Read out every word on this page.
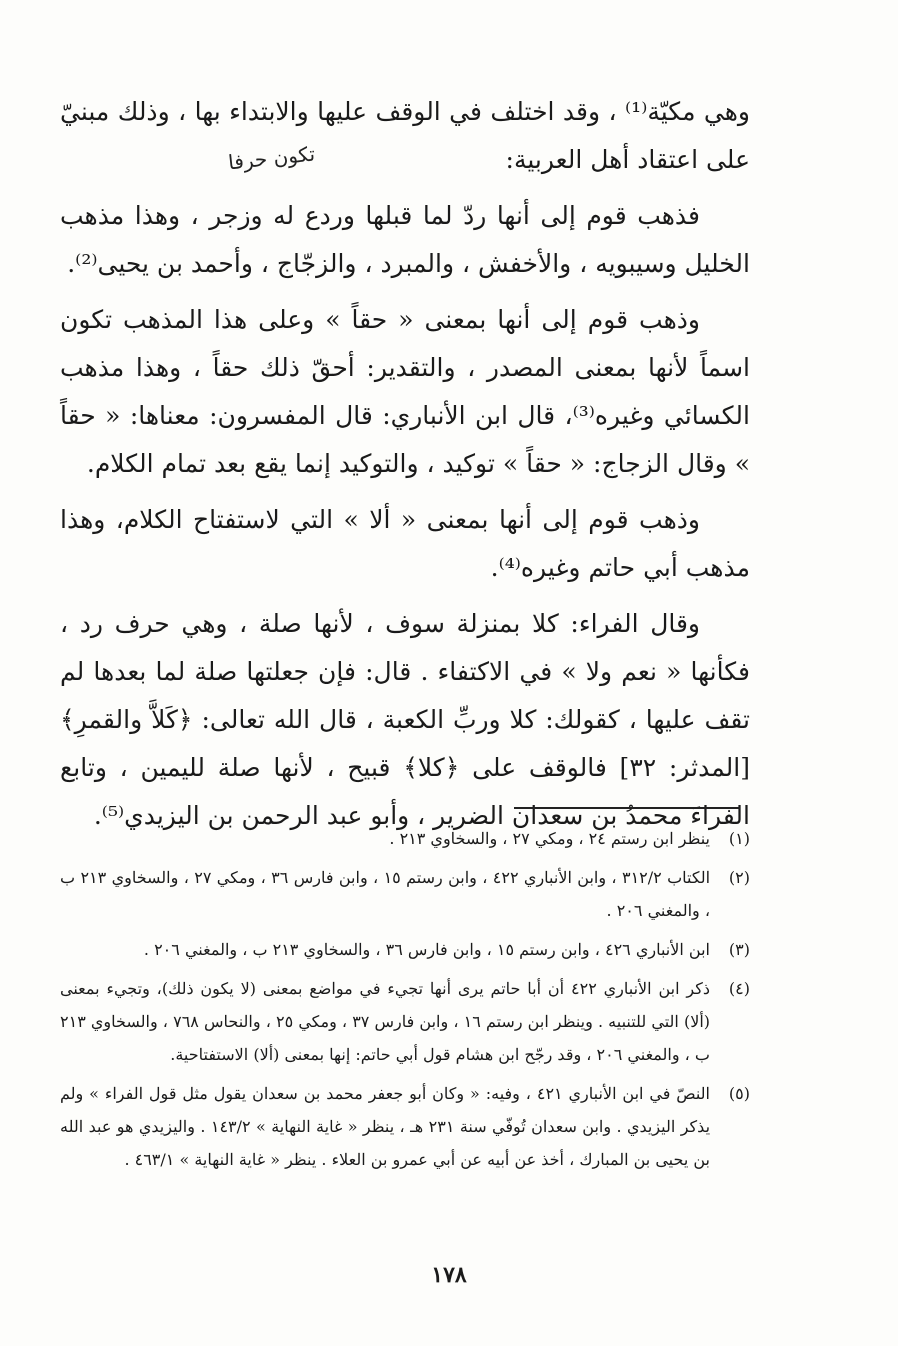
تكون حرفا

وهي مكيّة⁽¹⁾ ، وقد اختلف في الوقف عليها والابتداء بها ، وذلك مبنيّ على اعتقاد أهل العربية:

فذهب قوم إلى أنها ردّ لما قبلها وردع له وزجر ، وهذا مذهب الخليل وسيبويه ، والأخفش ، والمبرد ، والزجّاج ، وأحمد بن يحيى⁽²⁾.

وذهب قوم إلى أنها بمعنى « حقاً » وعلى هذا المذهب تكون اسماً لأنها بمعنى المصدر ، والتقدير: أحقّ ذلك حقاً ، وهذا مذهب الكسائي وغيره⁽³⁾، قال ابن الأنباري: قال المفسرون: معناها: « حقاً » وقال الزجاج: « حقاً » توكيد ، والتوكيد إنما يقع بعد تمام الكلام.

وذهب قوم إلى أنها بمعنى « ألا » التي لاستفتاح الكلام، وهذا مذهب أبي حاتم وغيره⁽⁴⁾.

وقال الفراء: كلا بمنزلة سوف ، لأنها صلة ، وهي حرف رد ، فكأنها « نعم ولا » في الاكتفاء . قال: فإن جعلتها صلة لما بعدها لم تقف عليها ، كقولك: كلا وربِّ الكعبة ، قال الله تعالى: ﴿كَلاَّ والقمرِ﴾ [المدثر: ٣٢] فالوقف على ﴿كلا﴾ قبيح ، لأنها صلة لليمين ، وتابع الفراءَ محمدُ بن سعدان الضرير ، وأبو عبد الرحمن بن اليزيدي⁽⁵⁾.

(١)
ينظر ابن رستم ٢٤ ، ومكي ٢٧ ، والسخاوي ٢١٣ .
(٢)
الكتاب ٣١٢/٢ ، وابن الأنباري ٤٢٢ ، وابن رستم ١٥ ، وابن فارس ٣٦ ، ومكي ٢٧ ، والسخاوي ٢١٣ ب ، والمغني ٢٠٦ .
(٣)
ابن الأنباري ٤٢٦ ، وابن رستم ١٥ ، وابن فارس ٣٦ ، والسخاوي ٢١٣ ب ، والمغني ٢٠٦ .
(٤)
ذكر ابن الأنباري ٤٢٢ أن أبا حاتم يرى أنها تجيء في مواضع بمعنى (لا يكون ذلك)، وتجيء بمعنى (ألا) التي للتنبيه . وينظر ابن رستم ١٦ ، وابن فارس ٣٧ ، ومكي ٢٥ ، والنحاس ٧٦٨ ، والسخاوي ٢١٣ ب ، والمغني ٢٠٦ ، وقد رجّح ابن هشام قول أبي حاتم: إنها بمعنى (ألا) الاستفتاحية.
(٥)
النصّ في ابن الأنباري ٤٢١ ، وفيه: « وكان أبو جعفر محمد بن سعدان يقول مثل قول الفراء » ولم يذكر اليزيدي . وابن سعدان تُوفّي سنة ٢٣١ هـ ، ينظر « غاية النهاية » ١٤٣/٢ . واليزيدي هو عبد الله بن يحيى بن المبارك ، أخذ عن أبيه عن أبي عمرو بن العلاء . ينظر « غاية النهاية » ٤٦٣/١ .
١٧٨
